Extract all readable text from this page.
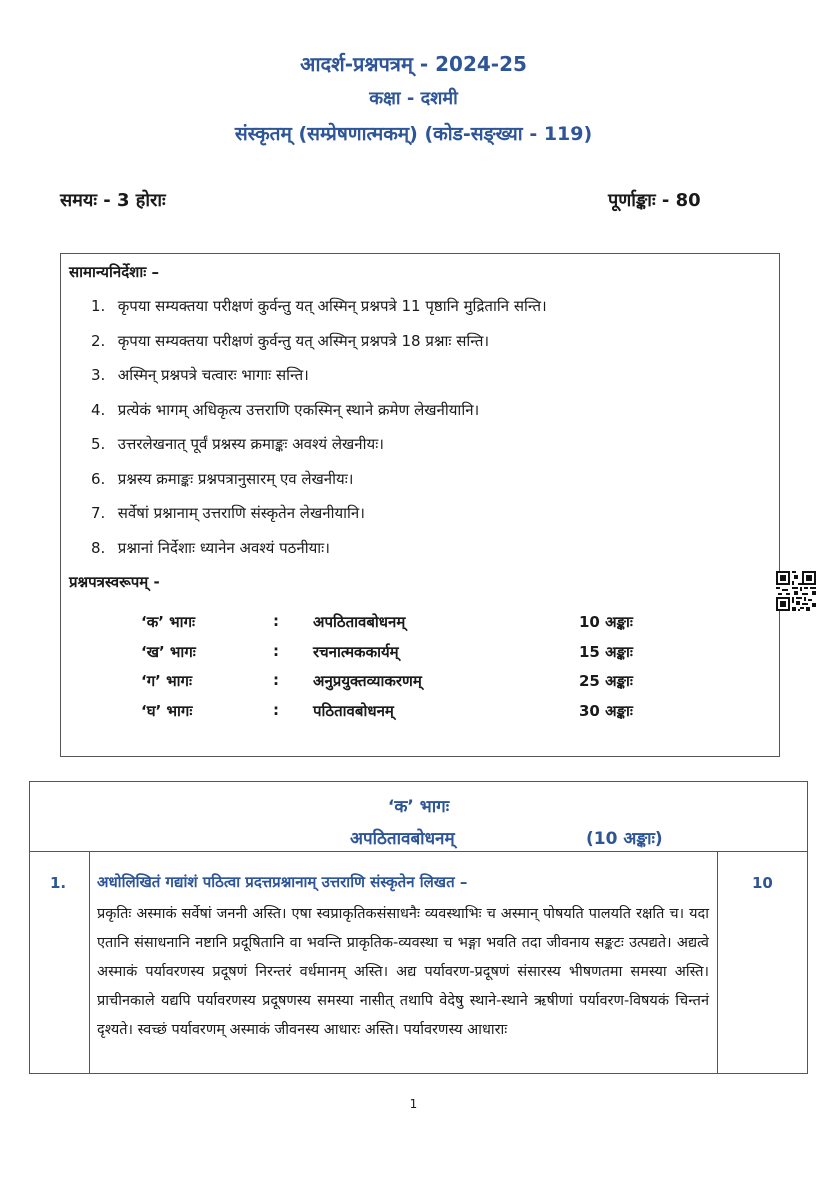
आदर्श-प्रश्नपत्रम् - 2024-25
कक्षा - दशमी
संस्कृतम् (सम्प्रेषणात्मकम्) (कोड-सङ्ख्या - 119)
समयः - 3 होराः	पूर्णाङ्काः - 80
सामान्यनिर्देशाः –
1. कृपया सम्यक्तया परीक्षणं कुर्वन्तु यत् अस्मिन् प्रश्नपत्रे 11 पृष्ठानि मुद्रितानि सन्ति।
2. कृपया सम्यक्तया परीक्षणं कुर्वन्तु यत् अस्मिन् प्रश्नपत्रे 18 प्रश्नाः सन्ति।
3. अस्मिन् प्रश्नपत्रे चत्वारः भागाः सन्ति।
4. प्रत्येकं भागम् अधिकृत्य उत्तराणि एकस्मिन् स्थाने क्रमेण लेखनीयानि।
5. उत्तरलेखनात् पूर्वं प्रश्नस्य क्रमाङ्कः अवश्यं लेखनीयः।
6. प्रश्नस्य क्रमाङ्कः प्रश्नपत्रानुसारम् एव लेखनीयः।
7. सर्वेषां प्रश्नानाम् उत्तराणि संस्कृतेन लेखनीयानि।
8. प्रश्नानां निर्देशाः ध्यानेन अवश्यं पठनीयाः।
प्रश्नपत्रस्वरूपम् -
‘क’ भागः	: अपठितावबोधनम्	10 अङ्काः
‘ख’ भागः	: रचनात्मककार्यम्	15 अङ्काः
‘ग’ भागः	: अनुप्रयुक्तव्याकरणम्	25 अङ्काः
‘घ’ भागः	: पठितावबोधनम्	30 अङ्काः
‘क’ भागः
अपठितावबोधनम्	(10 अङ्काः)
1. अधोलिखितं गद्यांशं पठित्वा प्रदत्तप्रश्नानाम् उत्तराणि संस्कृतेन लिखत –
प्रकृतिः अस्माकं सर्वेषां जननी अस्ति। एषा स्वप्राकृतिकसंसाधनैः व्यवस्थाभिः च अस्मान् पोषयति पालयति रक्षति च। यदा एतानि संसाधनानि नष्टानि प्रदूषितानि वा भवन्ति प्राकृतिक-व्यवस्था च भङ्गा भवति तदा जीवनाय सङ्कटः उत्पद्यते। अद्यत्वे अस्माकं पर्यावरणस्य प्रदूषणं निरन्तरं वर्धमानम् अस्ति। अद्य पर्यावरण-प्रदूषणं संसारस्य भीषणतमा समस्या अस्ति। प्राचीनकाले यद्यपि पर्यावरणस्य प्रदूषणस्य समस्या नासीत् तथापि वेदेषु स्थाने-स्थाने ऋषीणां पर्यावरण-विषयकं चिन्तनं दृश्यते। स्वच्छं पर्यावरणम् अस्माकं जीवनस्य आधारः अस्ति। पर्यावरणस्य आधाराः
10
1
